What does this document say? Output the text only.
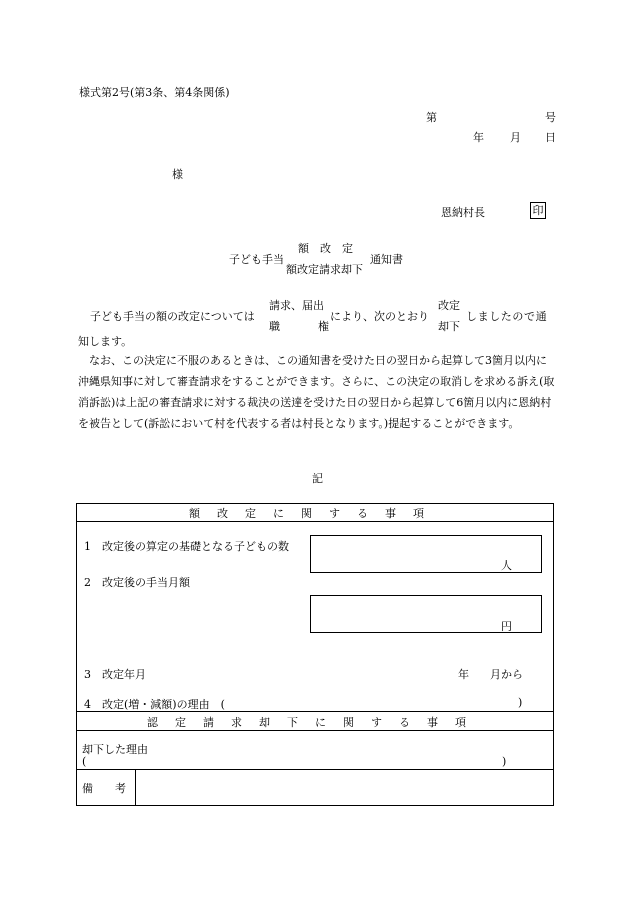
様式第2号(第3条、第4条関係)
第	号
年 月 日
様
恩納村長	印
子ども手当
額　改　定
額改定請求却下
通知書
子ども手当の額の改定については
請求、届出
職	権
により、次のとおり
改定
却下
しましたので通
知します。
なお、この決定に不服のあるときは、この通知書を受けた日の翌日から起算して3箇月以内に沖縄県知事に対して審査請求をすることができます。さらに、この決定の取消しを求める訴え(取消訴訟)は上記の審査請求に対する裁決の送達を受けた日の翌日から起算して6箇月以内に恩納村を被告として(訴訟において村を代表する者は村長となります。)提起することができます。
記
額改定に関する事項
1　改定後の算定の基礎となる子どもの数
人
2　改定後の手当月額
円
3　改定年月	年 月から
4　改定(増・減額)の理由　(	)
認定請求却下に関する事項
却下した理由
(	)
備　　考
